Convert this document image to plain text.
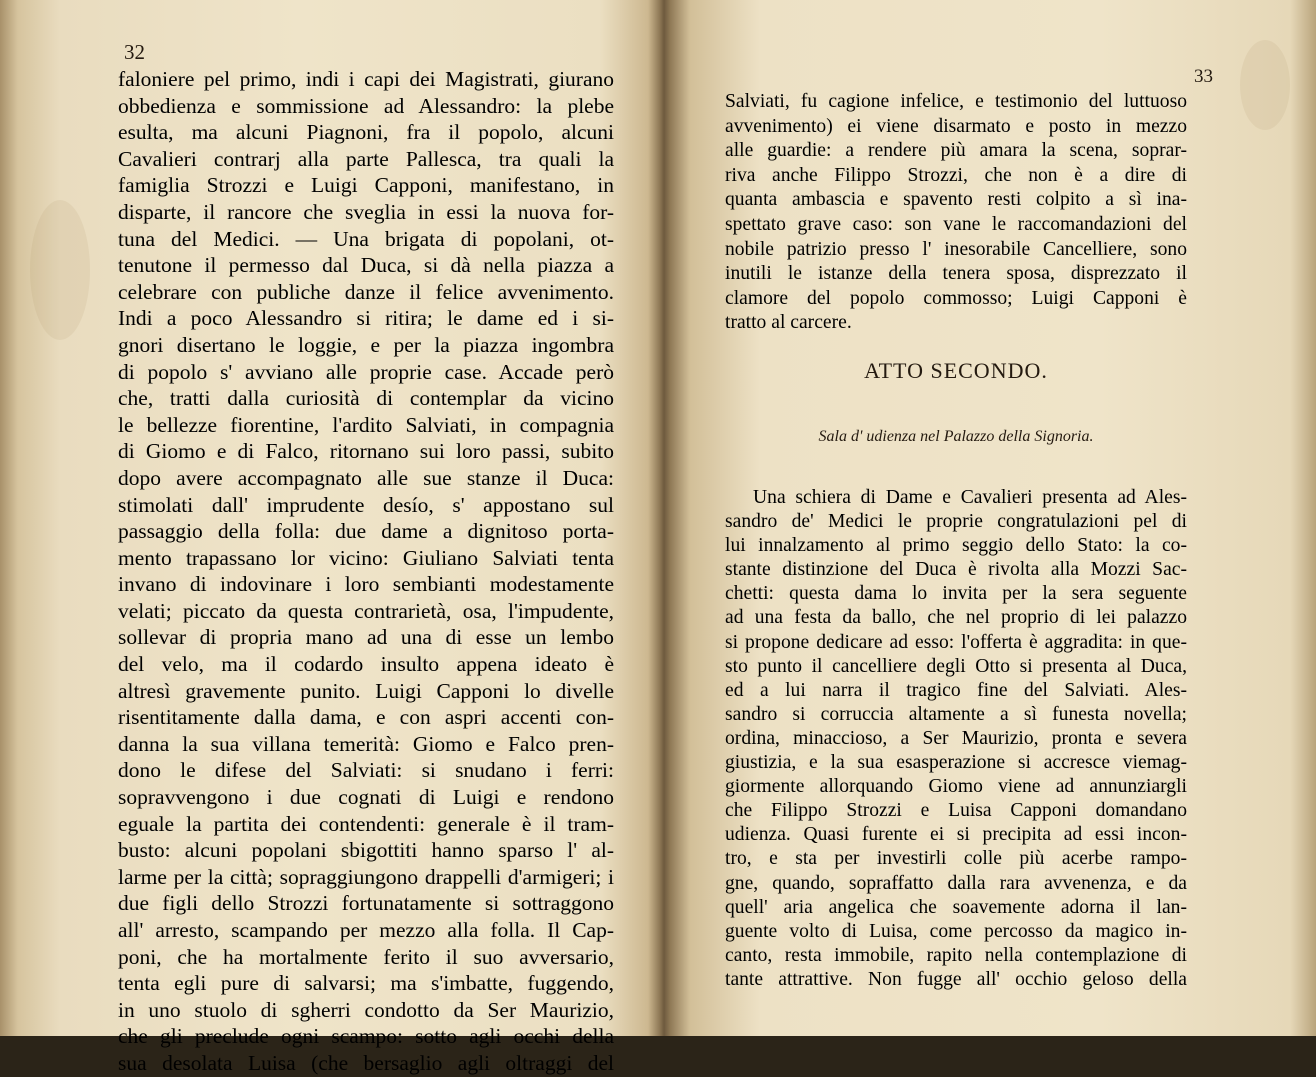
32
faloniere pel primo, indi i capi dei Magistrati, giurano
obbedienza e sommissione ad Alessandro: la plebe
esulta, ma alcuni Piagnoni, fra il popolo, alcuni
Cavalieri contrarj alla parte Pallesca, tra quali la
famiglia Strozzi e Luigi Capponi, manifestano, in
disparte, il rancore che sveglia in essi la nuova for-
tuna del Medici. — Una brigata di popolani, ot-
tenutone il permesso dal Duca, si dà nella piazza a
celebrare con publiche danze il felice avvenimento.
Indi a poco Alessandro si ritira; le dame ed i si-
gnori disertano le loggie, e per la piazza ingombra
di popolo s' avviano alle proprie case. Accade però
che, tratti dalla curiosità di contemplar da vicino
le bellezze fiorentine, l'ardito Salviati, in compagnia
di Giomo e di Falco, ritornano sui loro passi, subito
dopo avere accompagnato alle sue stanze il Duca:
stimolati dall' imprudente desío, s' appostano sul
passaggio della folla: due dame a dignitoso porta-
mento trapassano lor vicino: Giuliano Salviati tenta
invano di indovinare i loro sembianti modestamente
velati; piccato da questa contrarietà, osa, l'impudente,
sollevar di propria mano ad una di esse un lembo
del velo, ma il codardo insulto appena ideato è
altresì gravemente punito. Luigi Capponi lo divelle
risentitamente dalla dama, e con aspri accenti con-
danna la sua villana temerità: Giomo e Falco pren-
dono le difese del Salviati: si snudano i ferri:
sopravvengono i due cognati di Luigi e rendono
eguale la partita dei contendenti: generale è il tram-
busto: alcuni popolani sbigottiti hanno sparso l' al-
larme per la città; sopraggiungono drappelli d'armigeri; i
due figli dello Strozzi fortunatamente si sottraggono
all' arresto, scampando per mezzo alla folla. Il Cap-
poni, che ha mortalmente ferito il suo avversario,
tenta egli pure di salvarsi; ma s'imbatte, fuggendo,
in uno stuolo di sgherri condotto da Ser Maurizio,
che gli preclude ogni scampo: sotto agli occhi della
sua desolata Luisa (che bersaglio agli oltraggi del
33
Salviati, fu cagione infelice, e testimonio del luttuoso
avvenimento) ei viene disarmato e posto in mezzo
alle guardie: a rendere più amara la scena, soprar-
riva anche Filippo Strozzi, che non è a dire di
quanta ambascia e spavento resti colpito a sì ina-
spettato grave caso: son vane le raccomandazioni del
nobile patrizio presso l' inesorabile Cancelliere, sono
inutili le istanze della tenera sposa, disprezzato il
clamore del popolo commosso; Luigi Capponi è
tratto al carcere.
ATTO SECONDO.
Sala d' udienza nel Palazzo della Signoria.
Una schiera di Dame e Cavalieri presenta ad Ales-
sandro de' Medici le proprie congratulazioni pel di
lui innalzamento al primo seggio dello Stato: la co-
stante distinzione del Duca è rivolta alla Mozzi Sac-
chetti: questa dama lo invita per la sera seguente
ad una festa da ballo, che nel proprio di lei palazzo
si propone dedicare ad esso: l'offerta è aggradita: in que-
sto punto il cancelliere degli Otto si presenta al Duca,
ed a lui narra il tragico fine del Salviati. Ales-
sandro si corruccia altamente a sì funesta novella;
ordina, minaccioso, a Ser Maurizio, pronta e severa
giustizia, e la sua esasperazione si accresce viemag-
giormente allorquando Giomo viene ad annunziargli
che Filippo Strozzi e Luisa Capponi domandano
udienza. Quasi furente ei si precipita ad essi incon-
tro, e sta per investirli colle più acerbe rampo-
gne, quando, sopraffatto dalla rara avvenenza, e da
quell' aria angelica che soavemente adorna il lan-
guente volto di Luisa, come percosso da magico in-
canto, resta immobile, rapito nella contemplazione di
tante attrattive. Non fugge all' occhio geloso della
